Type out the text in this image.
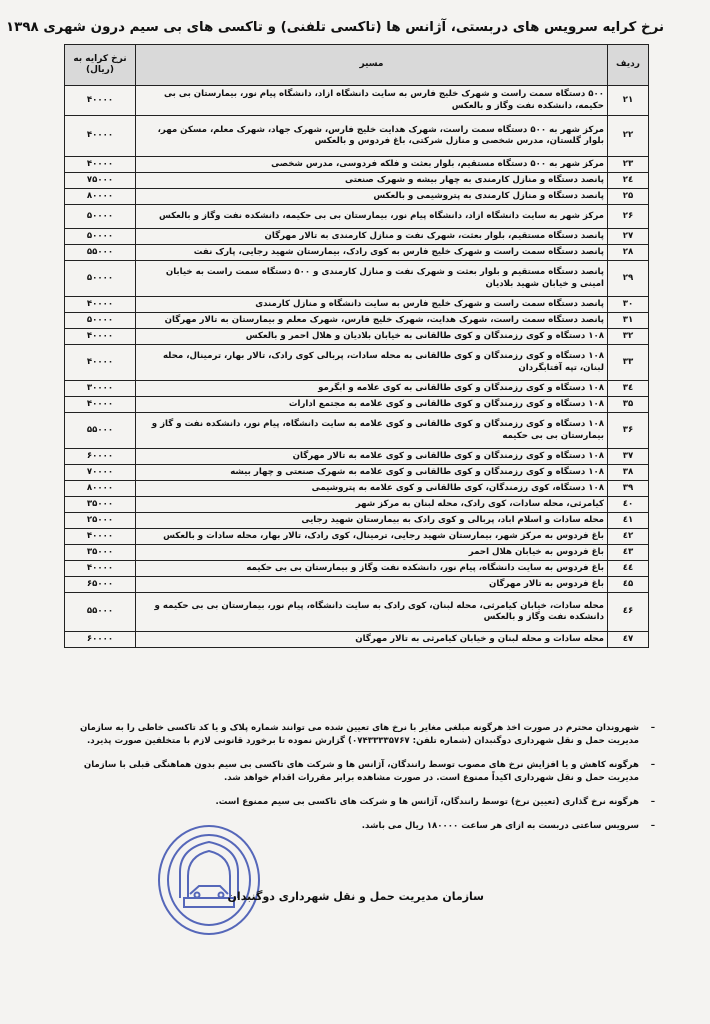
نرخ کرایه سرویس های دربستی، آژانس ها (تاکسی تلفنی) و تاکسی های بی سیم درون شهری ۱۳۹۸
ردیف	مسیر	نرخ کرایه به (ریال)
۲۱	۵۰۰ دستگاه سمت راست و شهرک خلیج فارس به سایت دانشگاه ازاد، دانشگاه پیام نور، بیمارستان بی بی حکیمه، دانشکده نفت وگاز و بالعکس	۴۰۰۰۰
۲۲	مرکز شهر به ۵۰۰ دستگاه سمت راست، شهرک هدایت خلیج فارس، شهرک جهاد، شهرک معلم، مسکن مهر، بلوار گلستان، مدرس شخصی و منازل شرکتی، باغ فردوس و بالعکس	۴۰۰۰۰
۲۳	مرکز شهر به ۵۰۰ دستگاه مستقیم، بلوار بعثت و فلکه فردوسی، مدرس شخصی	۴۰۰۰۰
۲٤	پانصد دستگاه و منازل کارمندی به چهار بیشه و شهرک صنعتی	۷۵۰۰۰
۲۵	پانصد دستگاه و منازل کارمندی به پتروشیمی و بالعکس	۸۰۰۰۰
۲۶	مرکز شهر به سایت دانشگاه ازاد، دانشگاه پیام نور، بیمارستان بی بی حکیمه، دانشکده نفت وگاز و بالعکس	۵۰۰۰۰
۲۷	پانصد دستگاه مستقیم، بلوار بعثت، شهرک نفت و منازل کارمندی به تالار مهرگان	۵۰۰۰۰
۲۸	پانصد دستگاه سمت راست و شهرک خلیج فارس به کوی رادک، بیمارستان شهید رجایی، پارک نفت	۵۵۰۰۰
۲۹	پانصد دستگاه مستقیم و بلوار بعثت و شهرک نفت و منازل کارمندی و ۵۰۰ دستگاه سمت راست به خیابان امینی و خیابان شهید بلادیان	۵۰۰۰۰
۳۰	پانصد دستگاه سمت راست و شهرک خلیج فارس به سایت دانشگاه و منازل کارمندی	۴۰۰۰۰
۳۱	پانصد دستگاه سمت راست، شهرک هدایت، شهرک خلیج فارس، شهرک معلم و بیمارستان به تالار مهرگان	۵۰۰۰۰
۳۲	۱۰۸ دستگاه و کوی رزمندگان و کوی طالقانی به خیابان بلادیان و هلال احمر و بالعکس	۴۰۰۰۰
۳۳	۱۰۸ دستگاه و کوی رزمندگان و کوی طالقانی به محله سادات، پربالی کوی رادک، تالار بهار، ترمینال، محله لبنان، تپه آفتابگردان	۴۰۰۰۰
۳٤	۱۰۸ دستگاه و کوی رزمندگان و کوی طالقانی به کوی علامه و ابگرمو	۳۰۰۰۰
۳۵	۱۰۸ دستگاه و کوی رزمندگان و کوی طالقانی و کوی علامه به مجتمع ادارات	۴۰۰۰۰
۳۶	۱۰۸ دستگاه و کوی رزمندگان و کوی طالقانی و کوی علامه به سایت دانشگاه، پیام نور، دانشکده نفت و گاز و بیمارستان بی بی حکیمه	۵۵۰۰۰
۳۷	۱۰۸ دستگاه و کوی رزمندگان و کوی طالقانی و کوی علامه به تالار مهرگان	۶۰۰۰۰
۳۸	۱۰۸ دستگاه و کوی رزمندگان و کوی طالقانی و کوی علامه به شهرک صنعتی و چهار بیشه	۷۰۰۰۰
۳۹	۱۰۸ دستگاه، کوی رزمندگان، کوی طالقانی و کوی علامه به پتروشیمی	۸۰۰۰۰
٤۰	کیامرثی، محله سادات، کوی رادک، محله لبنان به مرکز شهر	۳۵۰۰۰
٤۱	محله سادات و اسلام اباد، پربالی و کوی رادک به بیمارستان شهید رجایی	۲۵۰۰۰
٤۲	باغ فردوس به مرکز شهر، بیمارستان شهید رجایی، ترمینال، کوی رادک، تالار بهار، محله سادات و بالعکس	۴۰۰۰۰
٤۳	باغ فردوس به خیابان هلال احمر	۳۵۰۰۰
٤٤	باغ فردوس به سایت دانشگاه، پیام نور، دانشکده نفت وگاز و بیمارستان بی بی حکیمه	۴۰۰۰۰
٤۵	باغ فردوس به تالار مهرگان	۶۵۰۰۰
٤۶	محله سادات، خیابان کیامرثی، محله لبنان، کوی رادک به سایت دانشگاه، پیام نور، بیمارستان بی بی حکیمه و دانشکده نفت وگاز و بالعکس	۵۵۰۰۰
٤۷	محله سادات و محله لبنان و خیابان کیامرثی به تالار مهرگان	۶۰۰۰۰
–
شهروندان محترم در صورت اخذ هرگونه مبلغی مغایر با نرخ های تعیین شده می توانند شماره پلاک و یا کد تاکسی خاطی را به سازمان مدیریت حمل و نقل شهرداری دوگنبدان (شماره تلفن: ۰۷۴۳۳۳۳۵۷۶۷) گزارش نموده تا برخورد قانونی لازم با متخلفین صورت پذیرد.
–
هرگونه کاهش و یا افزایش نرخ های مصوب توسط رانندگان، آژانس ها و شرکت های تاکسی بی سیم بدون هماهنگی قبلی با سازمان مدیریت حمل و نقل شهرداری اکیداً ممنوع است. در صورت مشاهده برابر مقررات اقدام خواهد شد.
–
هرگونه نرخ گذاری (تعیین نرخ) توسط رانندگان، آژانس ها و شرکت های تاکسی بی سیم ممنوع است.
–
سرویس ساعتی دربست به ازای هر ساعت ۱۸۰۰۰۰ ریال می باشد.
سازمان مدیریت حمل و نقل شهرداری دوگنبدان
